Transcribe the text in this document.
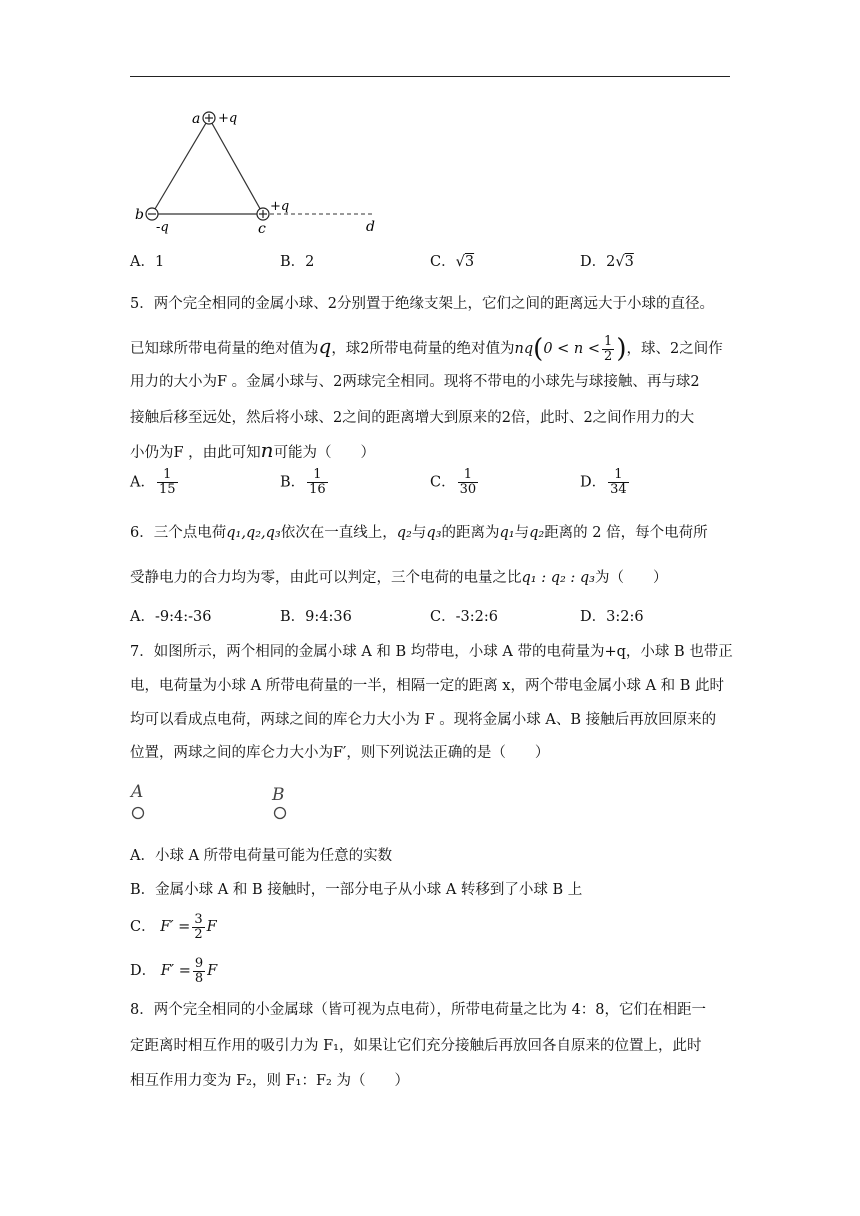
a +q
b
-q	c
+q
d
A．1	B．2	C．√3	D．2√3
5．两个完全相同的金属小球、2分别置于绝缘支架上，它们之间的距离远大于小球的直径。
已知球所带电荷量的绝对值为q，球2所带电荷量的绝对值为$nq(0 < n < \frac{1}{2}$ )，球、2之间作
用力的大小为F 。金属小球与、2两球完全相同。现将不带电的小球先与球接触、再与球2
接触后移至远处，然后将小球、2之间的距离增大到原来的2倍，此时、2之间作用力的大
小仍为F ，由此可知n可能为（　　）
A． $\frac{1}{15}$	B． $\frac{1}{16}$	C． $\frac{1}{30}$	D． $\frac{1}{34}$
6．三个点电荷q₁,q₂,q₃依次在一直线上，q₂与q₃的距离为q₁与q₂距离的 2 倍，每个电荷所
受静电力的合力均为零，由此可以判定，三个电荷的电量之比q₁ : q₂ : q₃为（　　）
A．-9:4:-36	B．9:4:36	C．-3:2:6	D．3:2:6
7．如图所示，两个相同的金属小球 A 和 B 均带电，小球 A 带的电荷量为+q，小球 B 也带正
电，电荷量为小球 A 所带电荷量的一半，相隔一定的距离 x，两个带电金属小球 A 和 B 此时
均可以看成点电荷，两球之间的库仑力大小为 F 。现将金属小球 A、B 接触后再放回原来的
位置，两球之间的库仑力大小为F′，则下列说法正确的是（　　）
A	B
A．小球 A 所带电荷量可能为任意的实数
B．金属小球 A 和 B 接触时，一部分电子从小球 A 转移到了小球 B 上
C． $F' = \frac{3}{2}$ F
D． $F' = \frac{9}{8}$ F
8．两个完全相同的小金属球（皆可视为点电荷），所带电荷量之比为 4：8，它们在相距一
定距离时相互作用的吸引力为 F₁，如果让它们充分接触后再放回各自原来的位置上，此时
相互作用力变为 F₂，则 F₁：F₂ 为（　　）
